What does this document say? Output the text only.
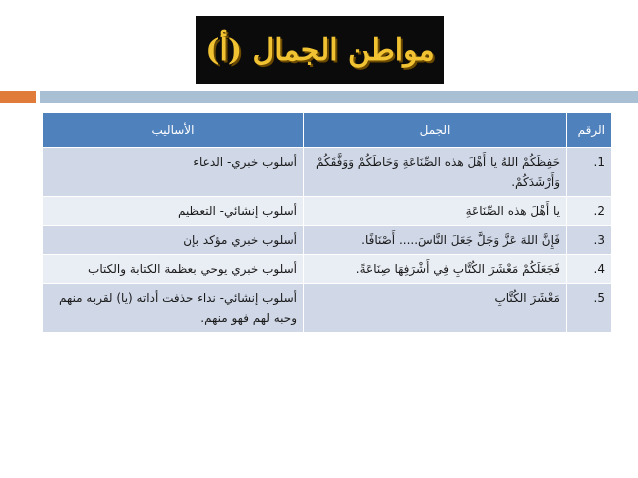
مواطن الجمال (أ)
الرقم	الجمل	الأساليب
1.	حَفِظَكُمْ اللهُ يا أَهْلَ هذه الصِّنَاعَةِ وَحَاطَكُمْ وَوَفَّقَكُمْ وَأَرْشَدَكُمْ.	أسلوب خبري- الدعاء
2.	يا أَهْلَ هذه الصِّنَاعَةِ	أسلوب إنشائي- التعظيم
3.	فَإِنَّ اللهَ عَزَّ وَجَلَّ جَعَلَ النَّاسَ..... أَصْنَافًا.	أسلوب خبري مؤكد بإن
4.	فَجَعَلَكُمْ مَعْشَرَ الكُتَّابِ فِي أَشْرَفِهَا صِنَاعَةً.	أسلوب خبري يوحي بعظمة الكتابة والكتاب
5.	مَعْشَرَ الكُتَّابِ	أسلوب إنشائي- نداء حذفت أداته (يا) لقربه منهم وحبه لهم فهو منهم.
